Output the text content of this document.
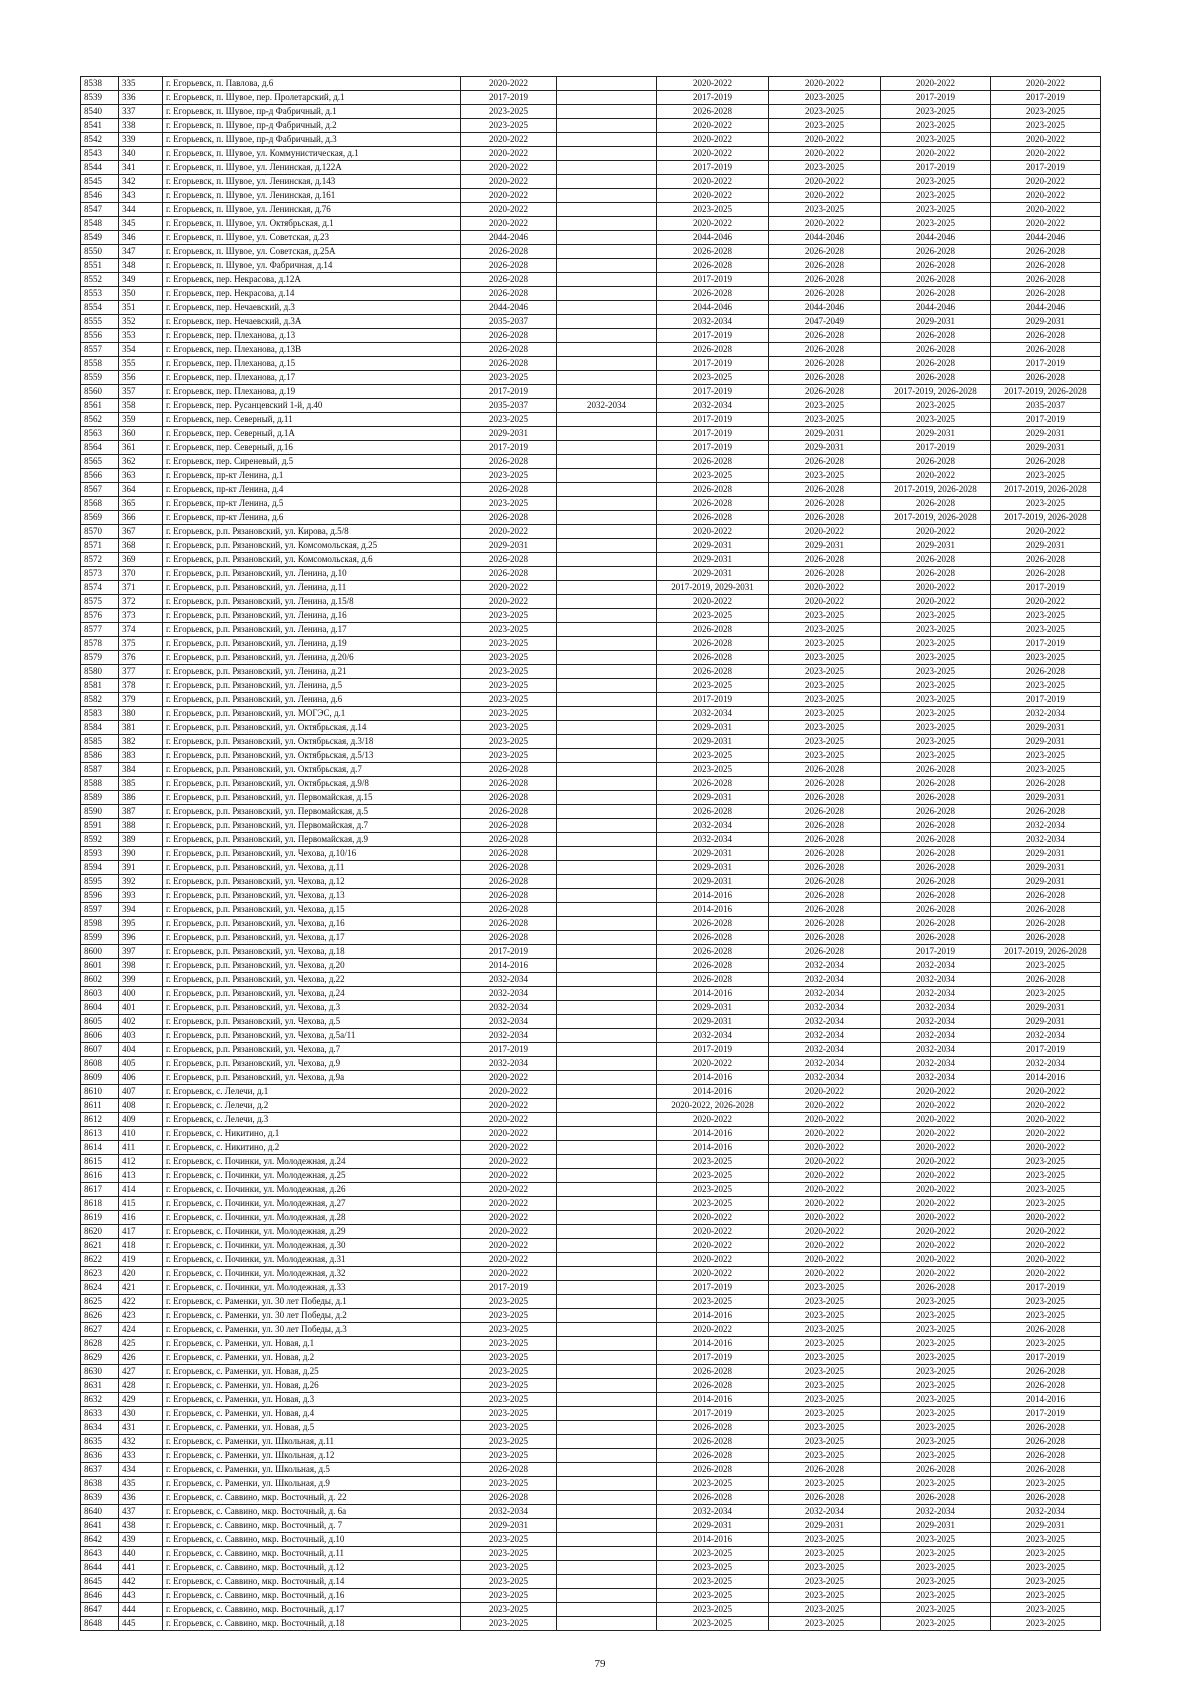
8538	335	г. Егорьевск, п. Павлова, д.6	2020-2022		2020-2022	2020-2022	2020-2022	2020-2022
8539	336	г. Егорьевск, п. Шувое, пер. Пролетарский, д.1	2017-2019		2017-2019	2023-2025	2017-2019	2017-2019
8540	337	г. Егорьевск, п. Шувое, пр-д Фабричный, д.1	2023-2025		2026-2028	2023-2025	2023-2025	2023-2025
8541	338	г. Егорьевск, п. Шувое, пр-д Фабричный, д.2	2023-2025		2020-2022	2023-2025	2023-2025	2023-2025
8542	339	г. Егорьевск, п. Шувое, пр-д Фабричный, д.3	2020-2022		2020-2022	2020-2022	2023-2025	2020-2022
8543	340	г. Егорьевск, п. Шувое, ул. Коммунистическая, д.1	2020-2022		2020-2022	2020-2022	2020-2022	2020-2022
8544	341	г. Егорьевск, п. Шувое, ул. Ленинская, д.122А	2020-2022		2017-2019	2023-2025	2017-2019	2017-2019
8545	342	г. Егорьевск, п. Шувое, ул. Ленинская, д.143	2020-2022		2020-2022	2020-2022	2023-2025	2020-2022
8546	343	г. Егорьевск, п. Шувое, ул. Ленинская, д.161	2020-2022		2020-2022	2020-2022	2023-2025	2020-2022
8547	344	г. Егорьевск, п. Шувое, ул. Ленинская, д.76	2020-2022		2023-2025	2023-2025	2023-2025	2020-2022
8548	345	г. Егорьевск, п. Шувое, ул. Октябрьская, д.1	2020-2022		2020-2022	2020-2022	2023-2025	2020-2022
8549	346	г. Егорьевск, п. Шувое, ул. Советская, д.23	2044-2046		2044-2046	2044-2046	2044-2046	2044-2046
8550	347	г. Егорьевск, п. Шувое, ул. Советская, д.25А	2026-2028		2026-2028	2026-2028	2026-2028	2026-2028
8551	348	г. Егорьевск, п. Шувое, ул. Фабричная, д.14	2026-2028		2026-2028	2026-2028	2026-2028	2026-2028
8552	349	г. Егорьевск, пер. Некрасова, д.12А	2026-2028		2017-2019	2026-2028	2026-2028	2026-2028
8553	350	г. Егорьевск, пер. Некрасова, д.14	2026-2028		2026-2028	2026-2028	2026-2028	2026-2028
8554	351	г. Егорьевск, пер. Нечаевский, д.3	2044-2046		2044-2046	2044-2046	2044-2046	2044-2046
8555	352	г. Егорьевск, пер. Нечаевский, д.3А	2035-2037		2032-2034	2047-2049	2029-2031	2029-2031
8556	353	г. Егорьевск, пер. Плеханова, д.13	2026-2028		2017-2019	2026-2028	2026-2028	2026-2028
8557	354	г. Егорьевск, пер. Плеханова, д.13В	2026-2028		2026-2028	2026-2028	2026-2028	2026-2028
8558	355	г. Егорьевск, пер. Плеханова, д.15	2026-2028		2017-2019	2026-2028	2026-2028	2017-2019
8559	356	г. Егорьевск, пер. Плеханова, д.17	2023-2025		2023-2025	2026-2028	2026-2028	2026-2028
8560	357	г. Егорьевск, пер. Плеханова, д.19	2017-2019		2017-2019	2026-2028	2017-2019, 2026-2028	2017-2019, 2026-2028
8561	358	г. Егорьевск, пер. Русанцевский 1-й, д.40	2035-2037	2032-2034	2032-2034	2023-2025	2023-2025	2035-2037
8562	359	г. Егорьевск, пер. Северный, д.11	2023-2025		2017-2019	2023-2025	2023-2025	2017-2019
8563	360	г. Егорьевск, пер. Северный, д.1А	2029-2031		2017-2019	2029-2031	2029-2031	2029-2031
8564	361	г. Егорьевск, пер. Северный, д.16	2017-2019		2017-2019	2029-2031	2017-2019	2029-2031
8565	362	г. Егорьевск, пер. Сиреневый, д.5	2026-2028		2026-2028	2026-2028	2026-2028	2026-2028
8566	363	г. Егорьевск, пр-кт Ленина, д.1	2023-2025		2023-2025	2023-2025	2020-2022	2023-2025
8567	364	г. Егорьевск, пр-кт Ленина, д.4	2026-2028		2026-2028	2026-2028	2017-2019, 2026-2028	2017-2019, 2026-2028
8568	365	г. Егорьевск, пр-кт Ленина, д.5	2023-2025		2026-2028	2026-2028	2026-2028	2023-2025
8569	366	г. Егорьевск, пр-кт Ленина, д.6	2026-2028		2026-2028	2026-2028	2017-2019, 2026-2028	2017-2019, 2026-2028
8570	367	г. Егорьевск, р.п. Рязановский, ул. Кирова, д.5/8	2020-2022		2020-2022	2020-2022	2020-2022	2020-2022
8571	368	г. Егорьевск, р.п. Рязановский, ул. Комсомольская, д.25	2029-2031		2029-2031	2029-2031	2029-2031	2029-2031
8572	369	г. Егорьевск, р.п. Рязановский, ул. Комсомольская, д.6	2026-2028		2029-2031	2026-2028	2026-2028	2026-2028
8573	370	г. Егорьевск, р.п. Рязановский, ул. Ленина, д.10	2026-2028		2029-2031	2026-2028	2026-2028	2026-2028
8574	371	г. Егорьевск, р.п. Рязановский, ул. Ленина, д.11	2020-2022		2017-2019, 2029-2031	2020-2022	2020-2022	2017-2019
8575	372	г. Егорьевск, р.п. Рязановский, ул. Ленина, д.15/8	2020-2022		2020-2022	2020-2022	2020-2022	2020-2022
8576	373	г. Егорьевск, р.п. Рязановский, ул. Ленина, д.16	2023-2025		2023-2025	2023-2025	2023-2025	2023-2025
8577	374	г. Егорьевск, р.п. Рязановский, ул. Ленина, д.17	2023-2025		2026-2028	2023-2025	2023-2025	2023-2025
8578	375	г. Егорьевск, р.п. Рязановский, ул. Ленина, д.19	2023-2025		2026-2028	2023-2025	2023-2025	2017-2019
8579	376	г. Егорьевск, р.п. Рязановский, ул. Ленина, д.20/6	2023-2025		2026-2028	2023-2025	2023-2025	2023-2025
8580	377	г. Егорьевск, р.п. Рязановский, ул. Ленина, д.21	2023-2025		2026-2028	2023-2025	2023-2025	2026-2028
8581	378	г. Егорьевск, р.п. Рязановский, ул. Ленина, д.5	2023-2025		2023-2025	2023-2025	2023-2025	2023-2025
8582	379	г. Егорьевск, р.п. Рязановский, ул. Ленина, д.6	2023-2025		2017-2019	2023-2025	2023-2025	2017-2019
8583	380	г. Егорьевск, р.п. Рязановский, ул. МОГЭС, д.1	2023-2025		2032-2034	2023-2025	2023-2025	2032-2034
8584	381	г. Егорьевск, р.п. Рязановский, ул. Октябрьская, д.14	2023-2025		2029-2031	2023-2025	2023-2025	2029-2031
8585	382	г. Егорьевск, р.п. Рязановский, ул. Октябрьская, д.3/18	2023-2025		2029-2031	2023-2025	2023-2025	2029-2031
8586	383	г. Егорьевск, р.п. Рязановский, ул. Октябрьская, д.5/13	2023-2025		2023-2025	2023-2025	2023-2025	2023-2025
8587	384	г. Егорьевск, р.п. Рязановский, ул. Октябрьская, д.7	2026-2028		2023-2025	2026-2028	2026-2028	2023-2025
8588	385	г. Егорьевск, р.п. Рязановский, ул. Октябрьская, д.9/8	2026-2028		2026-2028	2026-2028	2026-2028	2026-2028
8589	386	г. Егорьевск, р.п. Рязановский, ул. Первомайская, д.15	2026-2028		2029-2031	2026-2028	2026-2028	2029-2031
8590	387	г. Егорьевск, р.п. Рязановский, ул. Первомайская, д.5	2026-2028		2026-2028	2026-2028	2026-2028	2026-2028
8591	388	г. Егорьевск, р.п. Рязановский, ул. Первомайская, д.7	2026-2028		2032-2034	2026-2028	2026-2028	2032-2034
8592	389	г. Егорьевск, р.п. Рязановский, ул. Первомайская, д.9	2026-2028		2032-2034	2026-2028	2026-2028	2032-2034
8593	390	г. Егорьевск, р.п. Рязановский, ул. Чехова, д.10/16	2026-2028		2029-2031	2026-2028	2026-2028	2029-2031
8594	391	г. Егорьевск, р.п. Рязановский, ул. Чехова, д.11	2026-2028		2029-2031	2026-2028	2026-2028	2029-2031
8595	392	г. Егорьевск, р.п. Рязановский, ул. Чехова, д.12	2026-2028		2029-2031	2026-2028	2026-2028	2029-2031
8596	393	г. Егорьевск, р.п. Рязановский, ул. Чехова, д.13	2026-2028		2014-2016	2026-2028	2026-2028	2026-2028
8597	394	г. Егорьевск, р.п. Рязановский, ул. Чехова, д.15	2026-2028		2014-2016	2026-2028	2026-2028	2026-2028
8598	395	г. Егорьевск, р.п. Рязановский, ул. Чехова, д.16	2026-2028		2026-2028	2026-2028	2026-2028	2026-2028
8599	396	г. Егорьевск, р.п. Рязановский, ул. Чехова, д.17	2026-2028		2026-2028	2026-2028	2026-2028	2026-2028
8600	397	г. Егорьевск, р.п. Рязановский, ул. Чехова, д.18	2017-2019		2026-2028	2026-2028	2017-2019	2017-2019, 2026-2028
8601	398	г. Егорьевск, р.п. Рязановский, ул. Чехова, д.20	2014-2016		2026-2028	2032-2034	2032-2034	2023-2025
8602	399	г. Егорьевск, р.п. Рязановский, ул. Чехова, д.22	2032-2034		2026-2028	2032-2034	2032-2034	2026-2028
8603	400	г. Егорьевск, р.п. Рязановский, ул. Чехова, д.24	2032-2034		2014-2016	2032-2034	2032-2034	2023-2025
8604	401	г. Егорьевск, р.п. Рязановский, ул. Чехова, д.3	2032-2034		2029-2031	2032-2034	2032-2034	2029-2031
8605	402	г. Егорьевск, р.п. Рязановский, ул. Чехова, д.5	2032-2034		2029-2031	2032-2034	2032-2034	2029-2031
8606	403	г. Егорьевск, р.п. Рязановский, ул. Чехова, д.5а/11	2032-2034		2032-2034	2032-2034	2032-2034	2032-2034
8607	404	г. Егорьевск, р.п. Рязановский, ул. Чехова, д.7	2017-2019		2017-2019	2032-2034	2032-2034	2017-2019
8608	405	г. Егорьевск, р.п. Рязановский, ул. Чехова, д.9	2032-2034		2020-2022	2032-2034	2032-2034	2032-2034
8609	406	г. Егорьевск, р.п. Рязановский, ул. Чехова, д.9а	2020-2022		2014-2016	2032-2034	2032-2034	2014-2016
8610	407	г. Егорьевск, с. Лелечи, д.1	2020-2022		2014-2016	2020-2022	2020-2022	2020-2022
8611	408	г. Егорьевск, с. Лелечи, д.2	2020-2022		2020-2022, 2026-2028	2020-2022	2020-2022	2020-2022
8612	409	г. Егорьевск, с. Лелечи, д.3	2020-2022		2020-2022	2020-2022	2020-2022	2020-2022
8613	410	г. Егорьевск, с. Никитино, д.1	2020-2022		2014-2016	2020-2022	2020-2022	2020-2022
8614	411	г. Егорьевск, с. Никитино, д.2	2020-2022		2014-2016	2020-2022	2020-2022	2020-2022
8615	412	г. Егорьевск, с. Починки, ул. Молодежная, д.24	2020-2022		2023-2025	2020-2022	2020-2022	2023-2025
8616	413	г. Егорьевск, с. Починки, ул. Молодежная, д.25	2020-2022		2023-2025	2020-2022	2020-2022	2023-2025
8617	414	г. Егорьевск, с. Починки, ул. Молодежная, д.26	2020-2022		2023-2025	2020-2022	2020-2022	2023-2025
8618	415	г. Егорьевск, с. Починки, ул. Молодежная, д.27	2020-2022		2023-2025	2020-2022	2020-2022	2023-2025
8619	416	г. Егорьевск, с. Починки, ул. Молодежная, д.28	2020-2022		2020-2022	2020-2022	2020-2022	2020-2022
8620	417	г. Егорьевск, с. Починки, ул. Молодежная, д.29	2020-2022		2020-2022	2020-2022	2020-2022	2020-2022
8621	418	г. Егорьевск, с. Починки, ул. Молодежная, д.30	2020-2022		2020-2022	2020-2022	2020-2022	2020-2022
8622	419	г. Егорьевск, с. Починки, ул. Молодежная, д.31	2020-2022		2020-2022	2020-2022	2020-2022	2020-2022
8623	420	г. Егорьевск, с. Починки, ул. Молодежная, д.32	2020-2022		2020-2022	2020-2022	2020-2022	2020-2022
8624	421	г. Егорьевск, с. Починки, ул. Молодежная, д.33	2017-2019		2017-2019	2023-2025	2026-2028	2017-2019
8625	422	г. Егорьевск, с. Раменки, ул. 30 лет Победы, д.1	2023-2025		2023-2025	2023-2025	2023-2025	2023-2025
8626	423	г. Егорьевск, с. Раменки, ул. 30 лет Победы, д.2	2023-2025		2014-2016	2023-2025	2023-2025	2023-2025
8627	424	г. Егорьевск, с. Раменки, ул. 30 лет Победы, д.3	2023-2025		2020-2022	2023-2025	2023-2025	2026-2028
8628	425	г. Егорьевск, с. Раменки, ул. Новая, д.1	2023-2025		2014-2016	2023-2025	2023-2025	2023-2025
8629	426	г. Егорьевск, с. Раменки, ул. Новая, д.2	2023-2025		2017-2019	2023-2025	2023-2025	2017-2019
8630	427	г. Егорьевск, с. Раменки, ул. Новая, д.25	2023-2025		2026-2028	2023-2025	2023-2025	2026-2028
8631	428	г. Егорьевск, с. Раменки, ул. Новая, д.26	2023-2025		2026-2028	2023-2025	2023-2025	2026-2028
8632	429	г. Егорьевск, с. Раменки, ул. Новая, д.3	2023-2025		2014-2016	2023-2025	2023-2025	2014-2016
8633	430	г. Егорьевск, с. Раменки, ул. Новая, д.4	2023-2025		2017-2019	2023-2025	2023-2025	2017-2019
8634	431	г. Егорьевск, с. Раменки, ул. Новая, д.5	2023-2025		2026-2028	2023-2025	2023-2025	2026-2028
8635	432	г. Егорьевск, с. Раменки, ул. Школьная, д.11	2023-2025		2026-2028	2023-2025	2023-2025	2026-2028
8636	433	г. Егорьевск, с. Раменки, ул. Школьная, д.12	2023-2025		2026-2028	2023-2025	2023-2025	2026-2028
8637	434	г. Егорьевск, с. Раменки, ул. Школьная, д.5	2026-2028		2026-2028	2026-2028	2026-2028	2026-2028
8638	435	г. Егорьевск, с. Раменки, ул. Школьная, д.9	2023-2025		2023-2025	2023-2025	2023-2025	2023-2025
8639	436	г. Егорьевск, с. Саввино, мкр. Восточный, д. 22	2026-2028		2026-2028	2026-2028	2026-2028	2026-2028
8640	437	г. Егорьевск, с. Саввино, мкр. Восточный, д. 6а	2032-2034		2032-2034	2032-2034	2032-2034	2032-2034
8641	438	г. Егорьевск, с. Саввино, мкр. Восточный, д. 7	2029-2031		2029-2031	2029-2031	2029-2031	2029-2031
8642	439	г. Егорьевск, с. Саввино, мкр. Восточный, д.10	2023-2025		2014-2016	2023-2025	2023-2025	2023-2025
8643	440	г. Егорьевск, с. Саввино, мкр. Восточный, д.11	2023-2025		2023-2025	2023-2025	2023-2025	2023-2025
8644	441	г. Егорьевск, с. Саввино, мкр. Восточный, д.12	2023-2025		2023-2025	2023-2025	2023-2025	2023-2025
8645	442	г. Егорьевск, с. Саввино, мкр. Восточный, д.14	2023-2025		2023-2025	2023-2025	2023-2025	2023-2025
8646	443	г. Егорьевск, с. Саввино, мкр. Восточный, д.16	2023-2025		2023-2025	2023-2025	2023-2025	2023-2025
8647	444	г. Егорьевск, с. Саввино, мкр. Восточный, д.17	2023-2025		2023-2025	2023-2025	2023-2025	2023-2025
8648	445	г. Егорьевск, с. Саввино, мкр. Восточный, д.18	2023-2025		2023-2025	2023-2025	2023-2025	2023-2025
79
